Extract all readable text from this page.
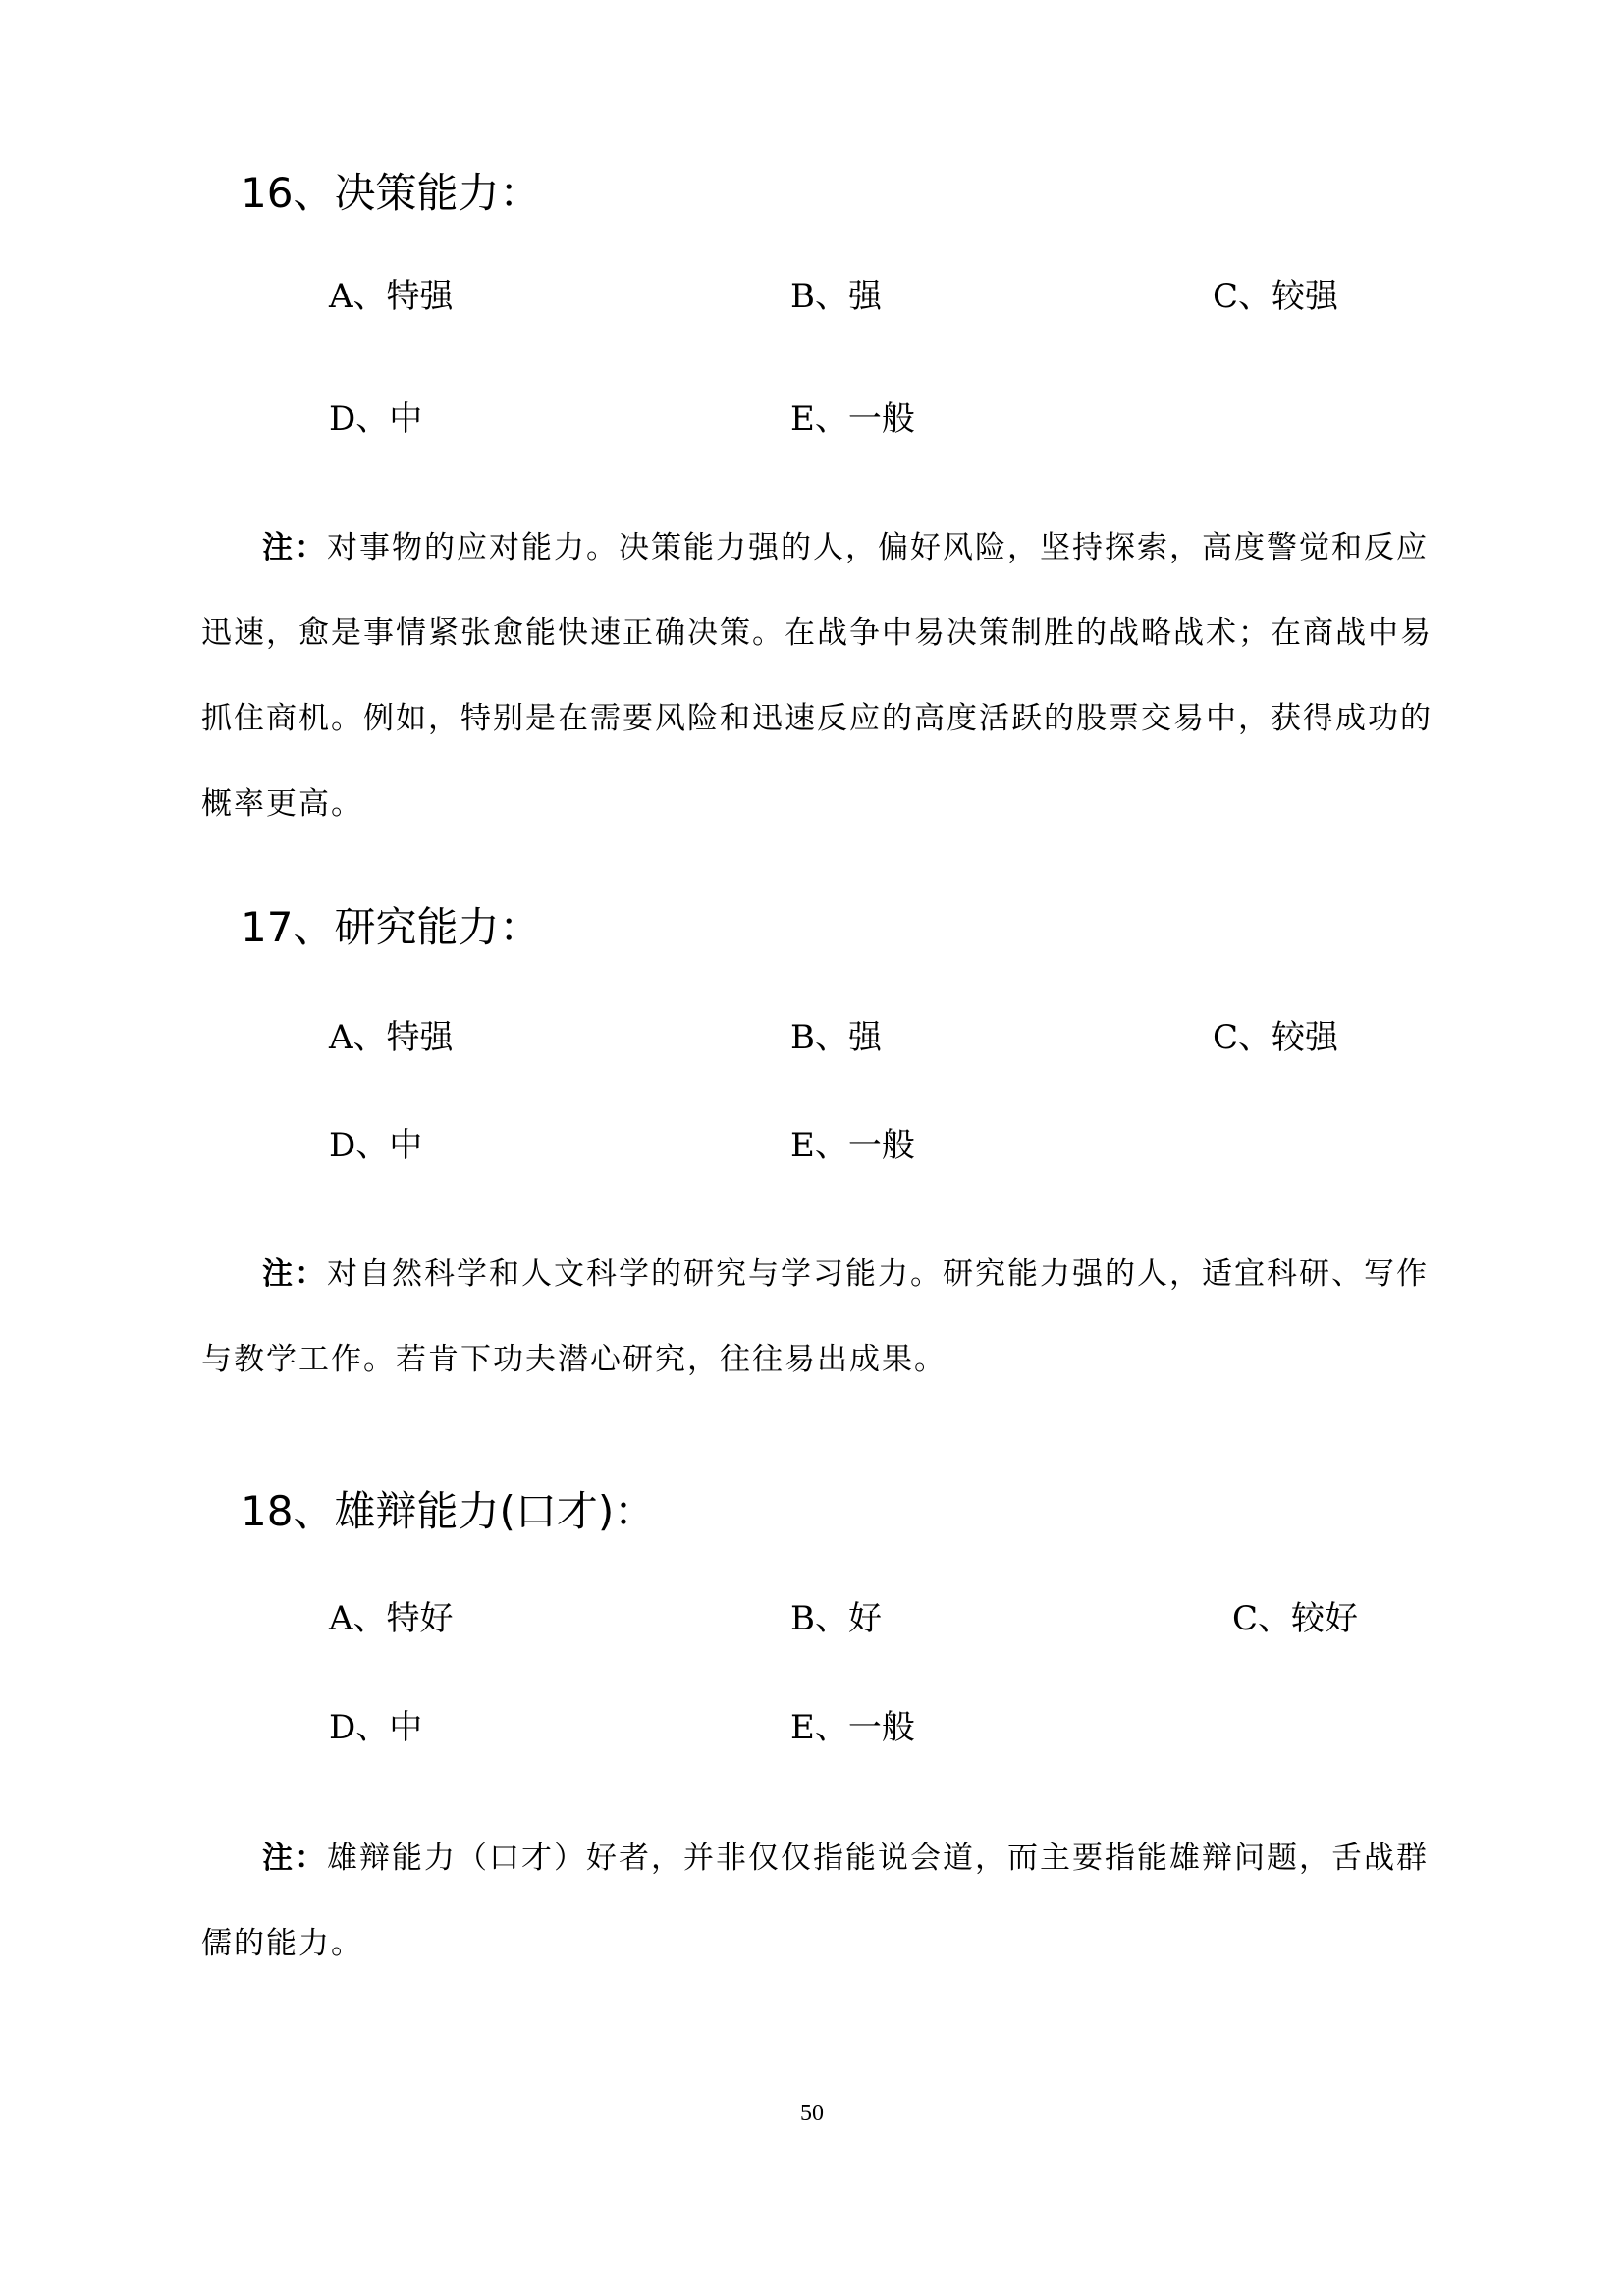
16、决策能力：
A、特强	B、强	C、较强
D、中	E、一般
注：对事物的应对能力。决策能力强的人，偏好风险，坚持探索，高度警觉和反应
迅速，愈是事情紧张愈能快速正确决策。在战争中易决策制胜的战略战术；在商战中易
抓住商机。例如，特别是在需要风险和迅速反应的高度活跃的股票交易中，获得成功的
概率更高。
17、研究能力：
A、特强	B、强	C、较强
D、中	E、一般
注：对自然科学和人文科学的研究与学习能力。研究能力强的人，适宜科研、写作
与教学工作。若肯下功夫潜心研究，往往易出成果。
18、雄辩能力(口才)：
A、特好	B、好	C、较好
D、中	E、一般
注：雄辩能力（口才）好者，并非仅仅指能说会道，而主要指能雄辩问题，舌战群
儒的能力。
50
